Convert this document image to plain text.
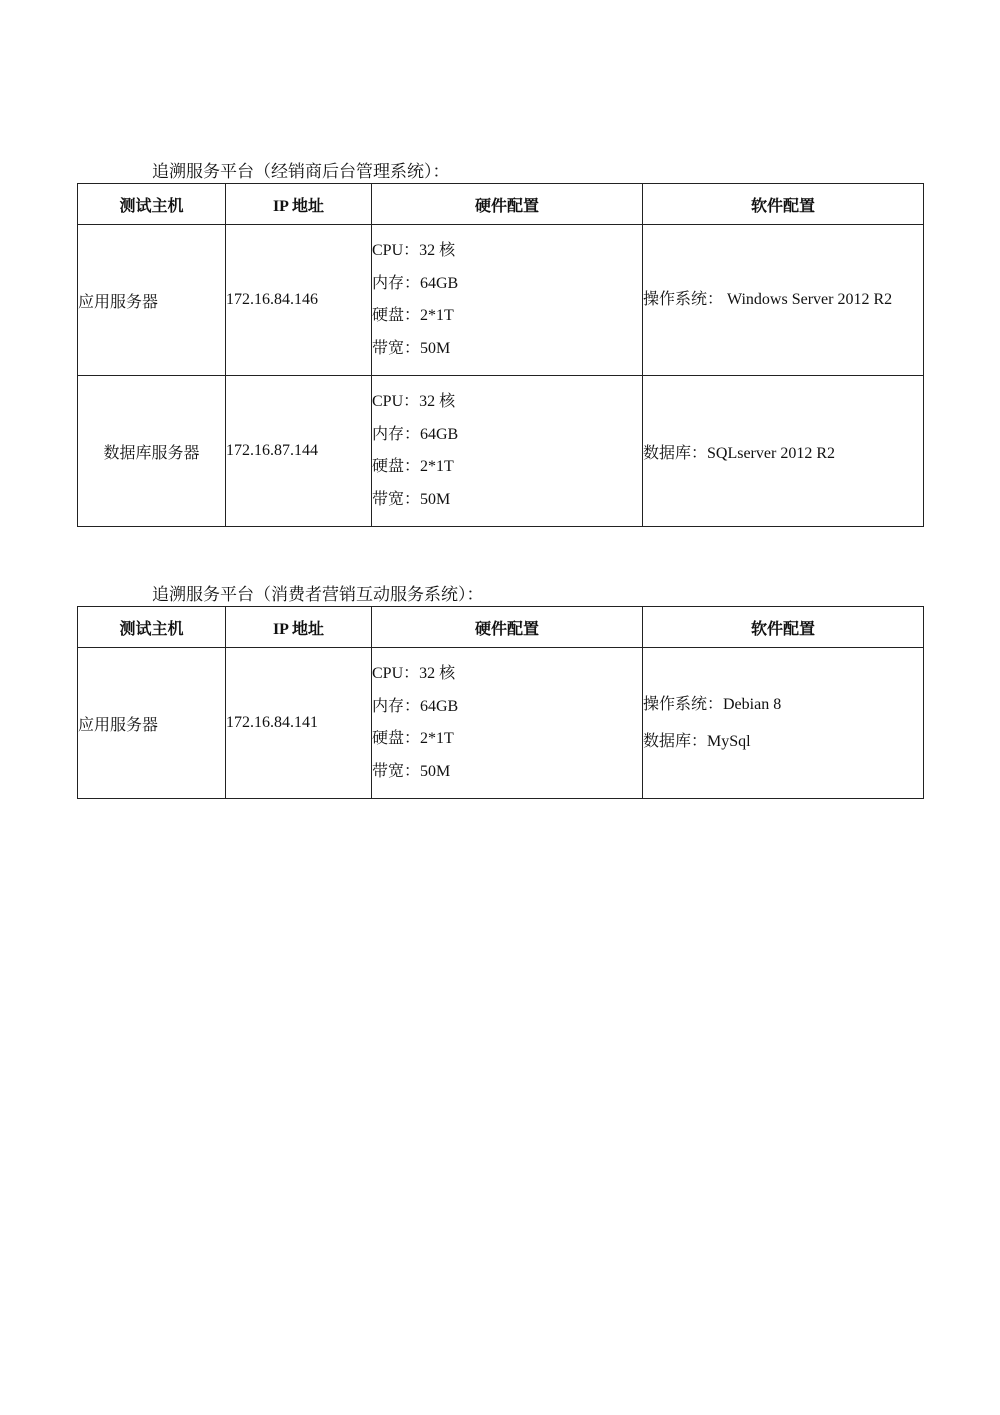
追溯服务平台（经销商后台管理系统）：
测试主机	IP 地址	硬件配置	软件配置
应用服务器	172.16.84.146	CPU：32 核
内存：64GB
硬盘：2*1T
带宽：50M	操作系统： Windows Server 2012 R2

数据库服务器	172.16.87.144	CPU：32 核
内存：64GB
硬盘：2*1T
带宽：50M	数据库：SQLserver 2012 R2
追溯服务平台（消费者营销互动服务系统）：
测试主机	IP 地址	硬件配置	软件配置
应用服务器	172.16.84.141	CPU：32 核
内存：64GB
硬盘：2*1T
带宽：50M	操作系统：Debian 8
数据库：MySql
